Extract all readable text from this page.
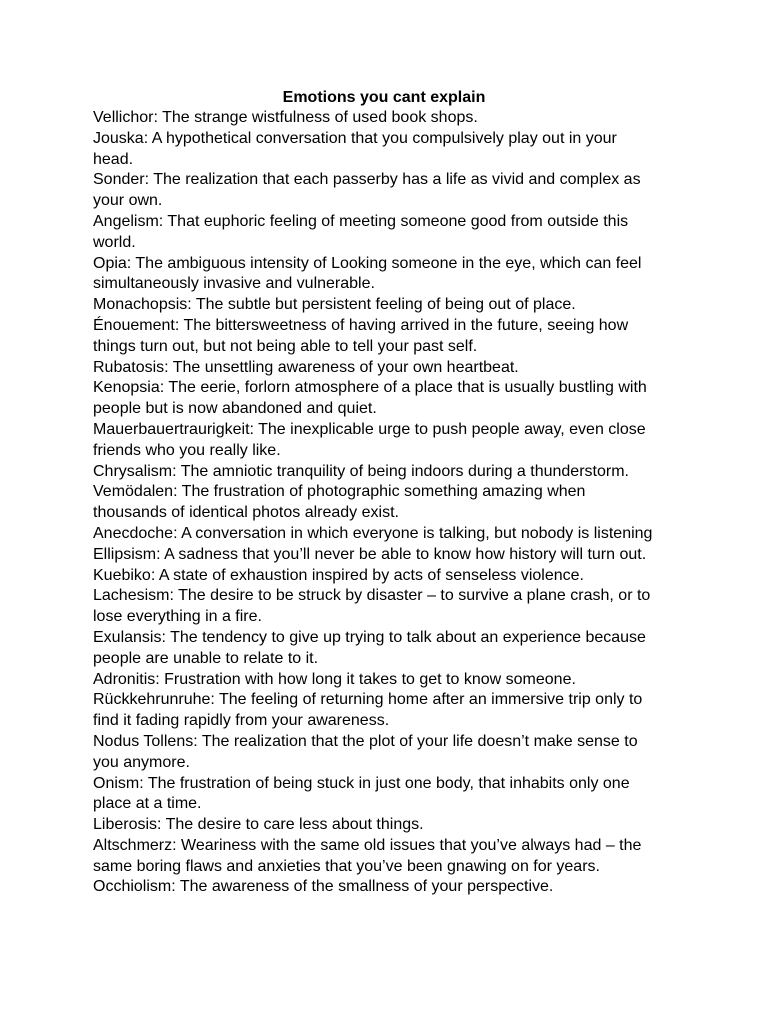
Emotions you cant explain
Vellichor: The strange wistfulness of used book shops.
Jouska: A hypothetical conversation that you compulsively play out in your
head.
Sonder: The realization that each passerby has a life as vivid and complex as
your own.
Angelism: That euphoric feeling of meeting someone good from outside this
world.
Opia: The ambiguous intensity of Looking someone in the eye, which can feel
simultaneously invasive and vulnerable.
Monachopsis: The subtle but persistent feeling of being out of place.
Énouement: The bittersweetness of having arrived in the future, seeing how
things turn out, but not being able to tell your past self.
Rubatosis: The unsettling awareness of your own heartbeat.
Kenopsia: The eerie, forlorn atmosphere of a place that is usually bustling with
people but is now abandoned and quiet.
Mauerbauertraurigkeit: The inexplicable urge to push people away, even close
friends who you really like.
Chrysalism: The amniotic tranquility of being indoors during a thunderstorm.
Vemödalen: The frustration of photographic something amazing when
thousands of identical photos already exist.
Anecdoche: A conversation in which everyone is talking, but nobody is listening
Ellipsism: A sadness that you’ll never be able to know how history will turn out.
Kuebiko: A state of exhaustion inspired by acts of senseless violence.
Lachesism: The desire to be struck by disaster – to survive a plane crash, or to
lose everything in a fire.
Exulansis: The tendency to give up trying to talk about an experience because
people are unable to relate to it.
Adronitis: Frustration with how long it takes to get to know someone.
Rückkehrunruhe: The feeling of returning home after an immersive trip only to
find it fading rapidly from your awareness.
Nodus Tollens: The realization that the plot of your life doesn’t make sense to
you anymore.
Onism: The frustration of being stuck in just one body, that inhabits only one
place at a time.
Liberosis: The desire to care less about things.
Altschmerz: Weariness with the same old issues that you’ve always had – the
same boring flaws and anxieties that you’ve been gnawing on for years.
Occhiolism: The awareness of the smallness of your perspective.
